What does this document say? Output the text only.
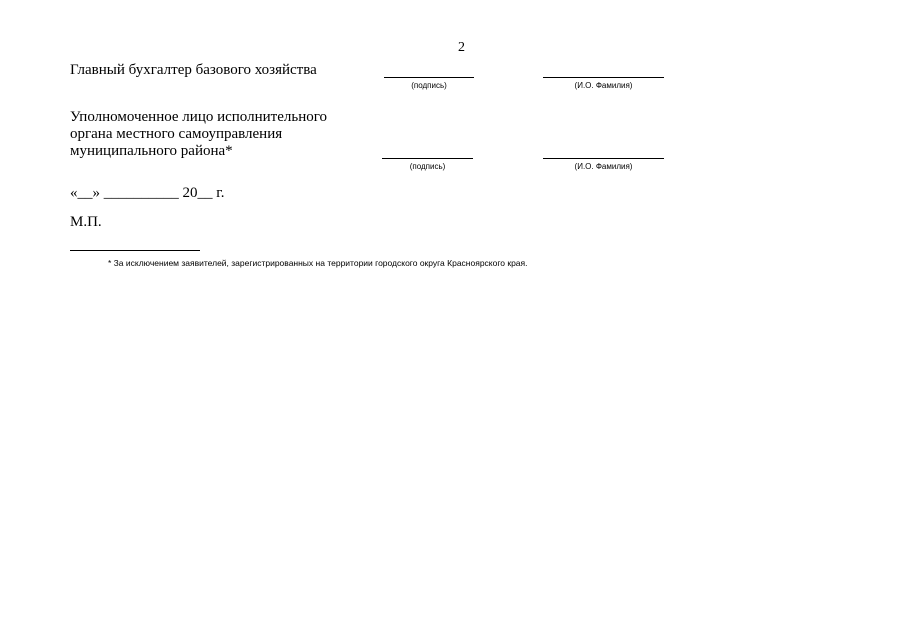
2
Главный бухгалтер базового хозяйства
(подпись)	(И.О. Фамилия)
Уполномоченное лицо исполнительного
органа местного самоуправления
муниципального района*
(подпись)	(И.О. Фамилия)
«__» __________ 20__ г.
М.П.
* За исключением заявителей, зарегистрированных на территории городского округа Красноярского края.
